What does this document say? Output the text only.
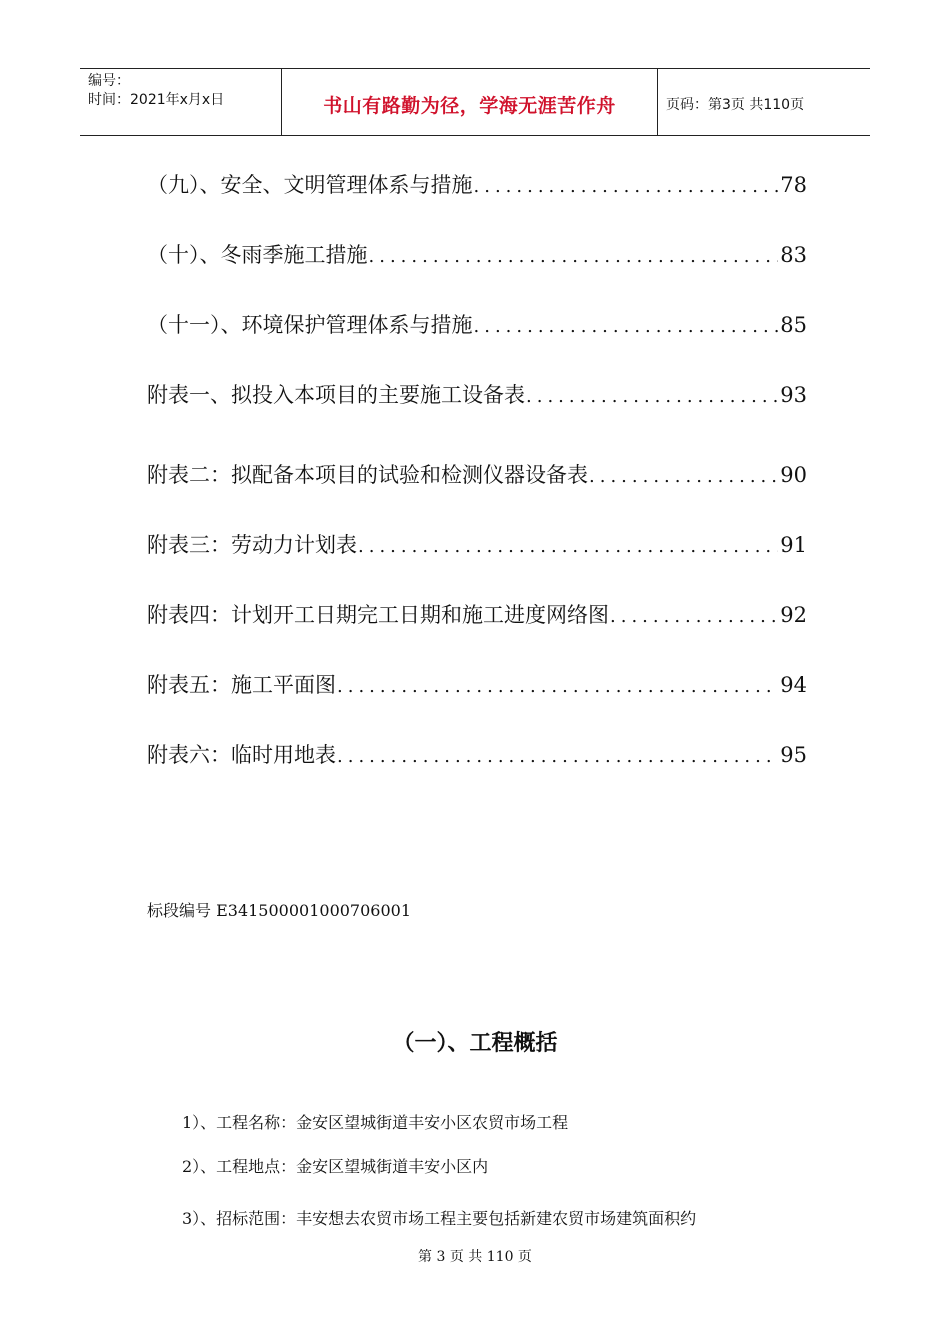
编号：
时间：2021年x月x日	书山有路勤为径，学海无涯苦作舟	页码：第3页 共110页
（九）、安全、文明管理体系与措施 .....	78
（十）、冬雨季施工措施 .....	83
（十一）、环境保护管理体系与措施 .....	85
附表一、拟投入本项目的主要施工设备表 .....	93
附表二：拟配备本项目的试验和检测仪器设备表 .....	90
附表三：劳动力计划表 .....	91
附表四：计划开工日期完工日期和施工进度网络图 .....	92
附表五：施工平面图 .....	94
附表六：临时用地表 .....	95
标段编号 E341500001000706001
（一）、工程概括
1）、工程名称：金安区望城街道丰安小区农贸市场工程
2）、工程地点：金安区望城街道丰安小区内
3）、招标范围：丰安想去农贸市场工程主要包括新建农贸市场建筑面积约
第 3 页 共 110 页
